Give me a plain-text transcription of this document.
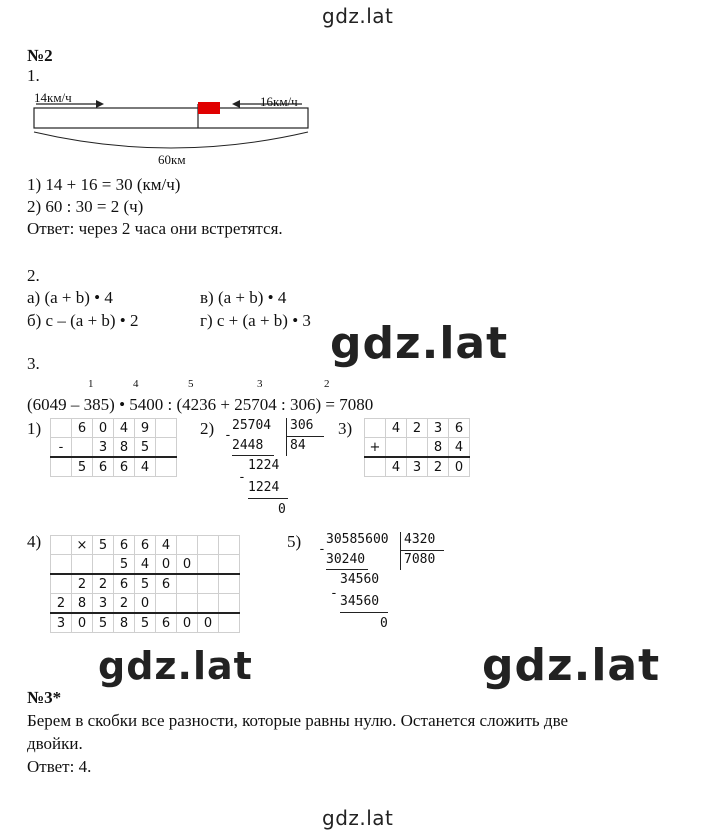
gdz.lat
gdz.lat
gdz.lat	gdz.lat
gdz.lat
№2
1.
14км/ч	16км/ч
60км
1) 14 + 16 = 30 (км/ч)
2) 60 : 30 = 2 (ч)
Ответ: через 2 часа они встретятся.
2.
а) (a + b) • 4	в) (a + b) • 4
б) c – (a + b) • 2	г) c + (a + b) • 3
3.
1	4	5	3	2
(6049 – 385) • 5400 : (4236 + 25704 : 306) = 7080
1)	2)	3)
4)	5)
	6	0	4	9	
-		3	8	5	
	5	6	6	4	
25704 306
-
2448 84
1224
-
1224
0
	4	2	3	6
+			8	4
	4	3	2	0
	×	5	6	6	4			
			5	4	0	0		
	2	2	6	5	6			
2	8	3	2	0				
3	0	5	8	5	6	0	0	
30585600 4320
-
30240	7080
34560
-
34560
0
№3*
Берем в скобки все разности, которые равны нулю. Останется сложить две
двойки.
Ответ: 4.
